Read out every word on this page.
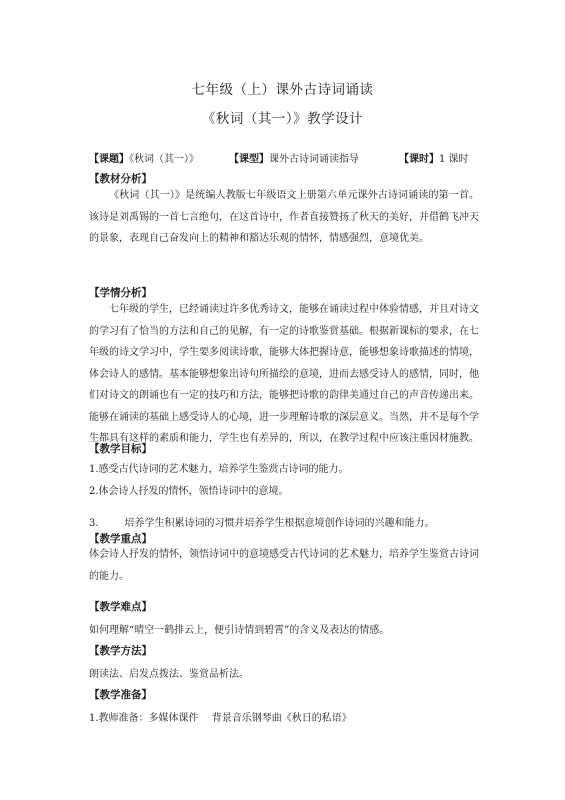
七年级（上）课外古诗词诵读
《秋词（其一）》教学设计
【课题】《秋词（其一）》	【课型】课外古诗词诵读指导	【课时】1 课时
【教材分析】

《秋词（其一）》是统编人教版七年级语文上册第六单元课外古诗词诵读的第一首。该诗是刘禹锡的一首七言绝句，在这首诗中，作者直接赞扬了秋天的美好，并借鹤飞冲天的景象，表现自己奋发向上的精神和豁达乐观的情怀，情感强烈，意境优美。

【学情分析】

七年级的学生，已经诵读过许多优秀诗文，能够在诵读过程中体验情感，并且对诗文的学习有了恰当的方法和自己的见解，有一定的诗歌鉴赏基础。根据新课标的要求，在七年级的诗文学习中，学生要多阅读诗歌，能够大体把握诗意，能够想象诗歌描述的情境，体会诗人的感情。基本能够想象出诗句所描绘的意境，进而去感受诗人的感情，同时，他们对诗文的朗诵也有一定的技巧和方法，能够把诗歌的韵律美通过自己的声音传递出来。能够在诵读的基础上感受诗人的心境，进一步理解诗歌的深层意义。当然，并不是每个学生都具有这样的素质和能力，学生也有差异的，所以，在教学过程中应该注重因材施教。

【教学目标】
1.感受古代诗词的艺术魅力，培养学生鉴赏古诗词的能力。
2.体会诗人抒发的情怀，领悟诗词中的意境。
3.	培养学生积累诗词的习惯并培养学生根据意境创作诗词的兴趣和能力。
【教学重点】

体会诗人抒发的情怀，领悟诗词中的意境感受古代诗词的艺术魅力，培养学生鉴赏古诗词的能力。

【教学难点】
如何理解“晴空一鹤排云上，便引诗情到碧霄”的含义及表达的情感。
【教学方法】
朗读法、启发点拨法、鉴赏品析法。
【教学准备】
1.教师准备：多媒体课件　 背景音乐钢琴曲《秋日的私语》
